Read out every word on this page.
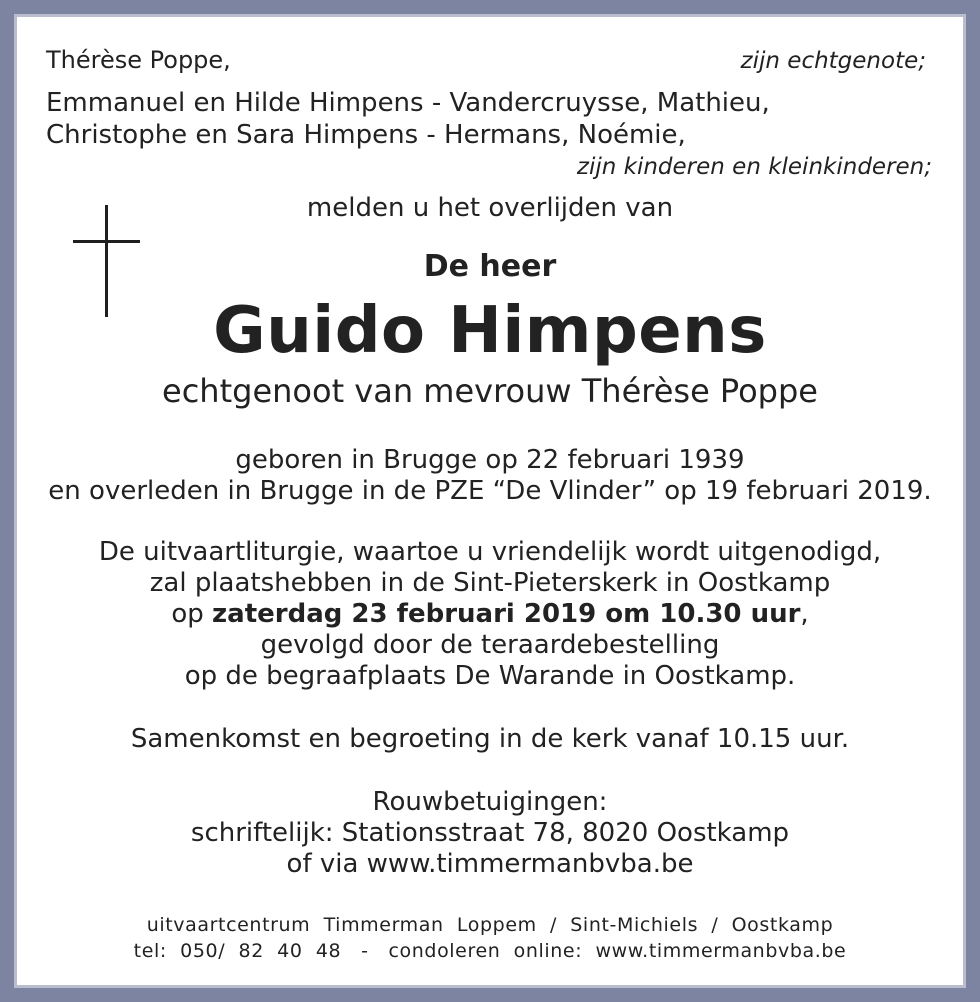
Thérèse Poppe,	zijn echtgenote;
Emmanuel en Hilde Himpens - Vandercruysse, Mathieu,
Christophe en Sara Himpens - Hermans, Noémie,
zijn kinderen en kleinkinderen;
melden u het overlijden van
De heer
Guido Himpens
echtgenoot van mevrouw Thérèse Poppe
geboren in Brugge op 22 februari 1939
en overleden in Brugge in de PZE “De Vlinder” op 19 februari 2019.
De uitvaartliturgie, waartoe u vriendelijk wordt uitgenodigd,
zal plaatshebben in de Sint-Pieterskerk in Oostkamp
op zaterdag 23 februari 2019 om 10.30 uur,
gevolgd door de teraardebestelling
op de begraafplaats De Warande in Oostkamp.
Samenkomst en begroeting in de kerk vanaf 10.15 uur.
Rouwbetuigingen:
schriftelijk: Stationsstraat 78, 8020 Oostkamp
of via www.timmermanbvba.be
uitvaartcentrum  Timmerman  Loppem  /  Sint-Michiels  /  Oostkamp
tel:  050/  82  40  48   -   condoleren  online:  www.timmermanbvba.be
